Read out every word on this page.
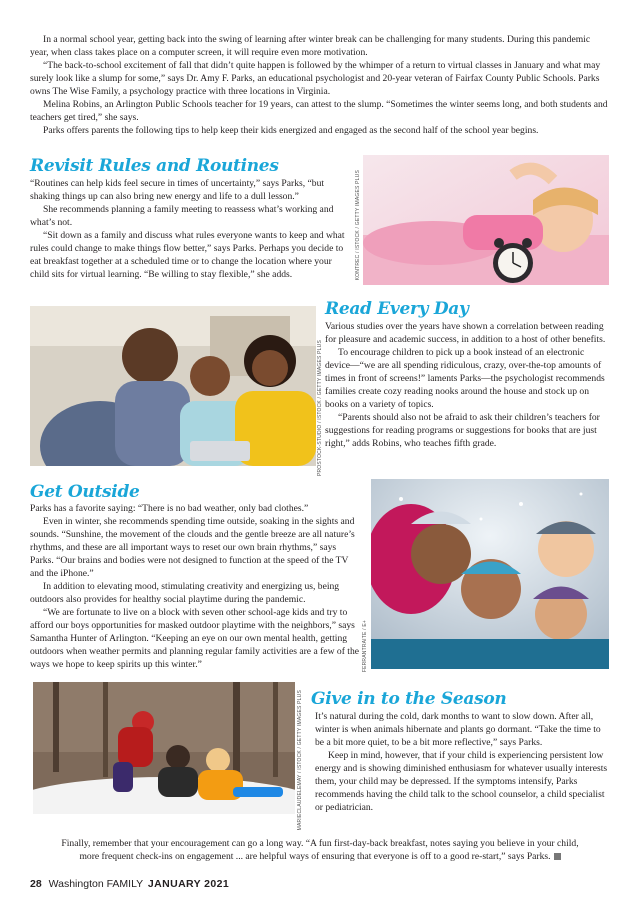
In a normal school year, getting back into the swing of learning after winter break can be challenging for many students. During this pandemic year, when class takes place on a computer screen, it will require even more motivation.

“The back-to-school excitement of fall that didn’t quite happen is followed by the whimper of a return to virtual classes in January and what may surely look like a slump for some,” says Dr. Amy F. Parks, an educational psychologist and 20-year veteran of Fairfax County Public Schools. Parks owns The Wise Family, a psychology practice with three locations in Virginia.

Melina Robins, an Arlington Public Schools teacher for 19 years, can attest to the slump. “Sometimes the winter seems long, and both students and teachers get tired,” she says.

Parks offers parents the following tips to help keep their kids energized and engaged as the second half of the school year begins.

Revisit Rules and Routines

“Routines can help kids feel secure in times of uncertainty,” says Parks, “but shaking things up can also bring new energy and life to a dull lesson.”

She recommends planning a family meeting to reassess what’s working and what’s not.

“Sit down as a family and discuss what rules everyone wants to keep and what rules could change to make things flow better,” says Parks. Perhaps you decide to eat breakfast together at a scheduled time or to change the location where your child sits for virtual learning. “Be willing to stay flexible,” she adds.	KONTREC / ISTOCK / GETTY IMAGES PLUS
PROSTOCK-STUDIO / ISTOCK / GETTY IMAGES PLUS
Read Every Day

Various studies over the years have shown a correlation between reading for pleasure and academic success, in addition to a host of other benefits.

To encourage children to pick up a book instead of an electronic device—“we are all spending ridiculous, crazy, over-the-top amounts of times in front of screens!” laments Parks—the psychologist recommends families create cozy reading nooks around the house and stock up on books on a variety of topics.

“Parents should also not be afraid to ask their children’s teachers for suggestions for reading programs or suggestions for books that are just right,” adds Robins, who teaches fifth grade.

Get Outside

Parks has a favorite saying: “There is no bad weather, only bad clothes.”

Even in winter, she recommends spending time outside, soaking in the sights and sounds. “Sunshine, the movement of the clouds and the gentle breeze are all nature’s rhythms, and these are all important ways to reset our own brain rhythms,” says Parks. “Our brains and bodies were not designed to function at the speed of the TV and the iPhone.”

In addition to elevating mood, stimulating creativity and energizing us, being outdoors also provides for healthy social playtime during the pandemic.

“We are fortunate to live on a block with seven other school-age kids and try to afford our boys opportunities for masked outdoor playtime with the neighbors,” says Samantha Hunter of Arlington. “Keeping an eye on our own mental health, getting outdoors when weather permits and planning regular family activities are a few of the ways we hope to keep spirits up this winter.”	FERRANTRAITE / E+
MARIECLAUDELEMAY / ISTOCK / GETTY IMAGES PLUS Give in to the Season

It’s natural during the cold, dark months to want to slow down. After all, winter is when animals hibernate and plants go dormant. “Take the time to be a bit more quiet, to be a bit more reflective,” says Parks.

Keep in mind, however, that if your child is experiencing persistent low energy and is showing diminished enthusiasm for whatever usually interests them, your child may be depressed. If the symptoms intensify, Parks recommends having the child talk to the school counselor, a child specialist or pediatrician.

Finally, remember that your encouragement can go a long way. “A fun first-day-back breakfast, notes saying you believe in your child,
more frequent check-ins on engagement ... are helpful ways of ensuring that everyone is off to a good re-start,” says Parks.
28 Washington FAMILY JANUARY 2021
